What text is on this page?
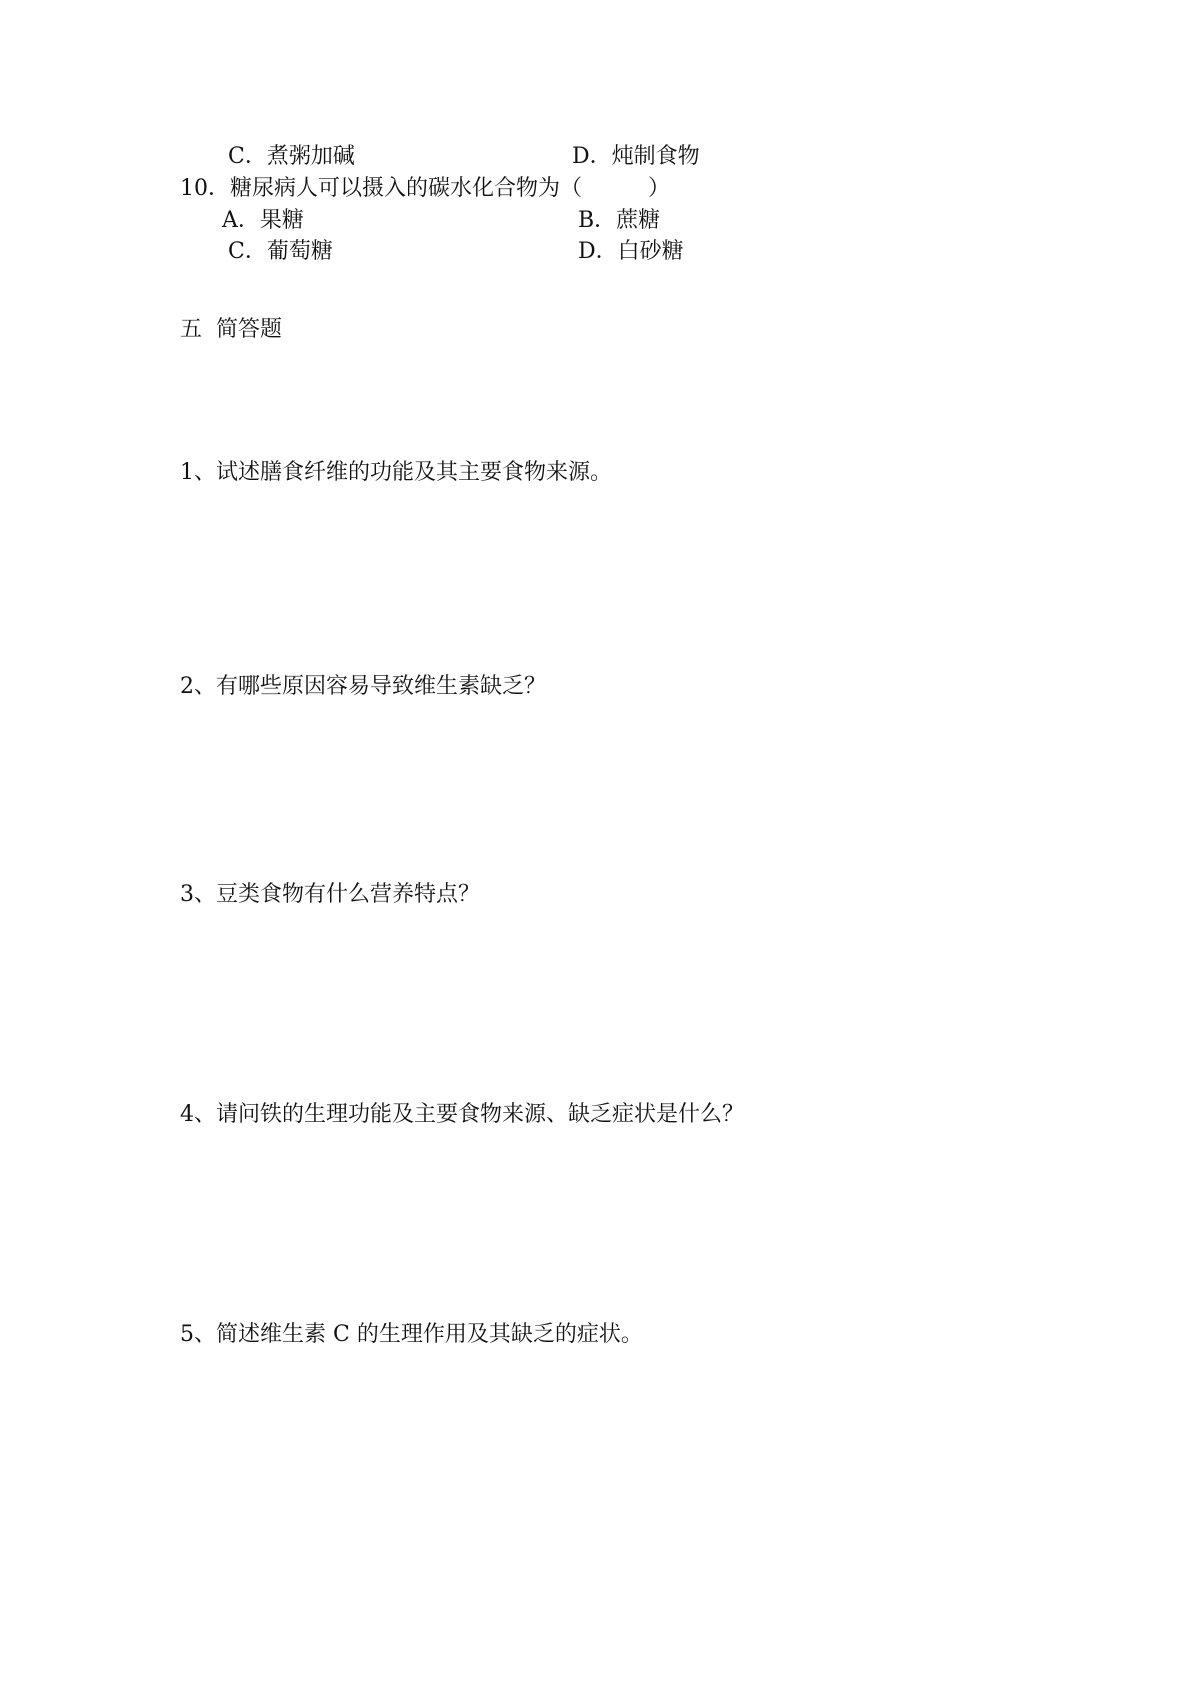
C．煮粥加碱	D．炖制食物
10．糖尿病人可以摄入的碳水化合物为（　　　）
A．果糖	B．蔗糖
C．葡萄糖	D．白砂糖
五  简答题
1、试述膳食纤维的功能及其主要食物来源。
2、有哪些原因容易导致维生素缺乏？
3、豆类食物有什么营养特点？
4、请问铁的生理功能及主要食物来源、缺乏症状是什么？
5、简述维生素 C 的生理作用及其缺乏的症状。
